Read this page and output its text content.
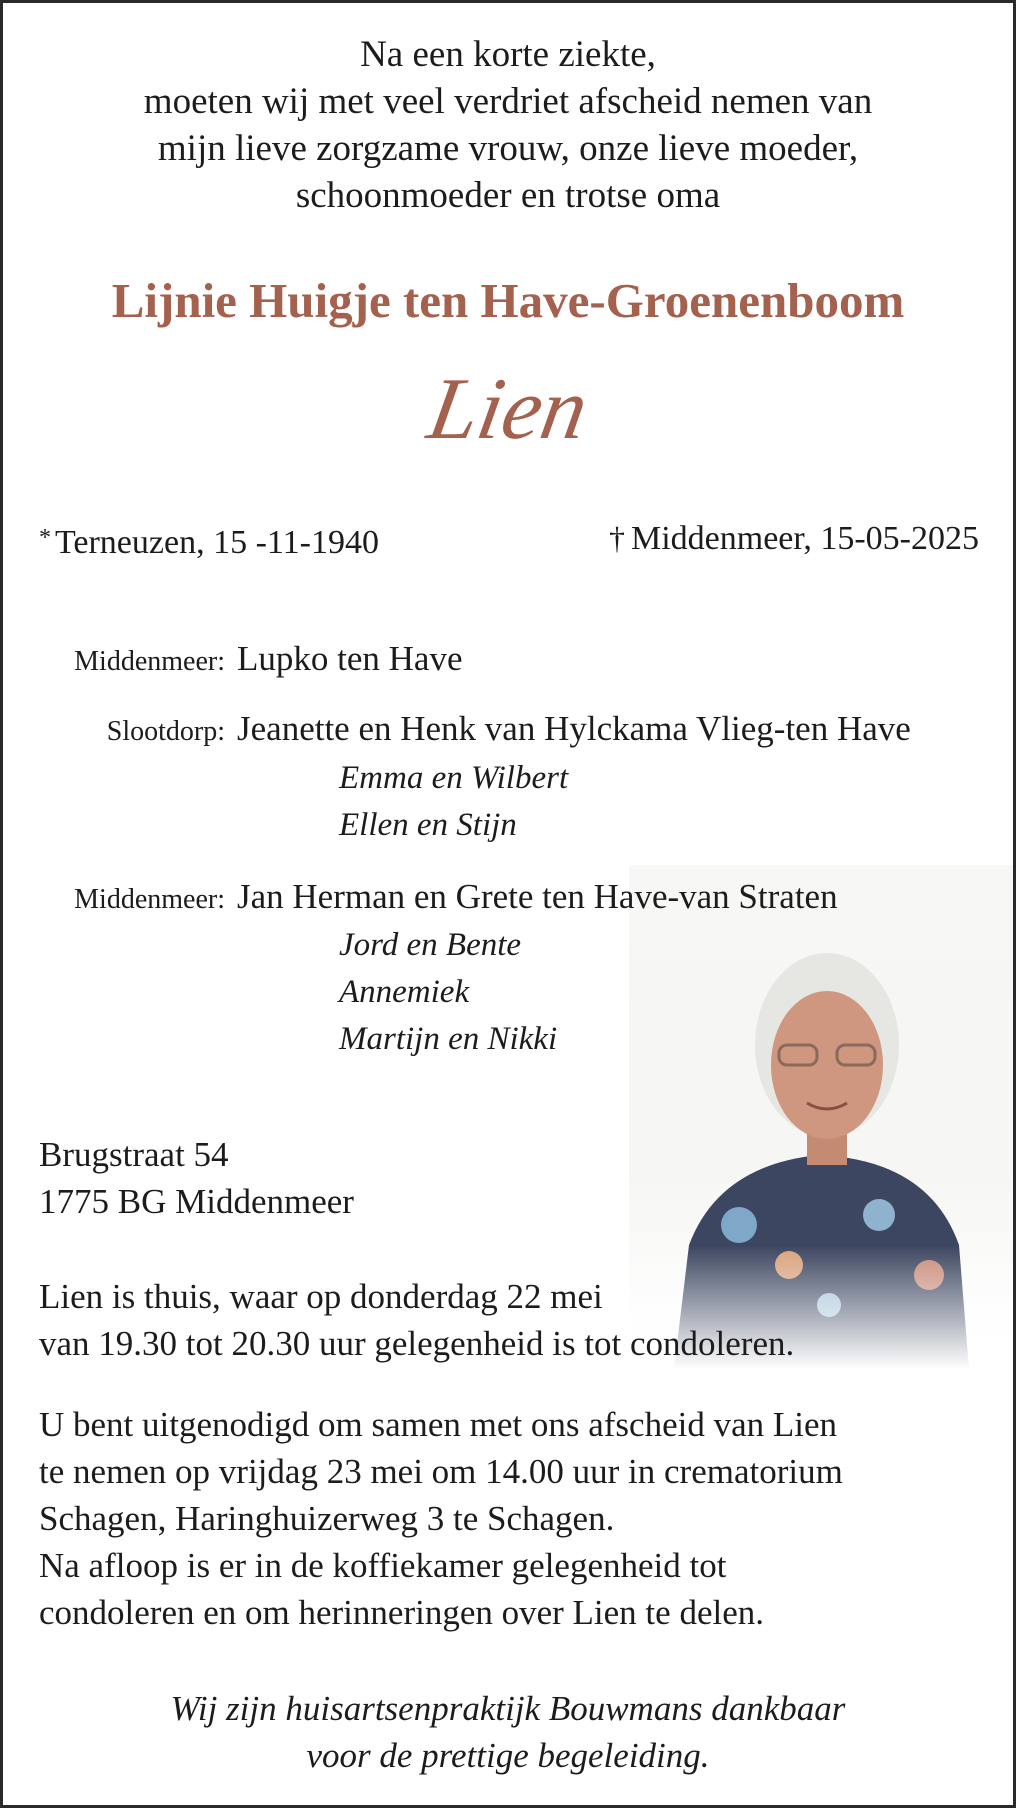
Na een korte ziekte,
moeten wij met veel verdriet afscheid nemen van
mijn lieve zorgzame vrouw, onze lieve moeder,
schoonmoeder en trotse oma
Lijnie Huigje ten Have-Groenenboom
Lien
* Terneuzen, 15 -11-1940	† Middenmeer, 15-05-2025
Middenmeer: Lupko ten Have
Slootdorp: Jeanette en Henk van Hylckama Vlieg-ten Have
Emma en Wilbert
Ellen en Stijn
Middenmeer: Jan Herman en Grete ten Have-van Straten
Jord en Bente
Annemiek
Martijn en Nikki
Brugstraat 54
1775 BG Middenmeer
Lien is thuis, waar op donderdag 22 mei
van 19.30 tot 20.30 uur gelegenheid is tot condoleren.
U bent uitgenodigd om samen met ons afscheid van Lien
te nemen op vrijdag 23 mei om 14.00 uur in crematorium
Schagen, Haringhuizerweg 3 te Schagen.
Na afloop is er in de koffiekamer gelegenheid tot
condoleren en om herinneringen over Lien te delen.
Wij zijn huisartsenpraktijk Bouwmans dankbaar
voor de prettige begeleiding.
